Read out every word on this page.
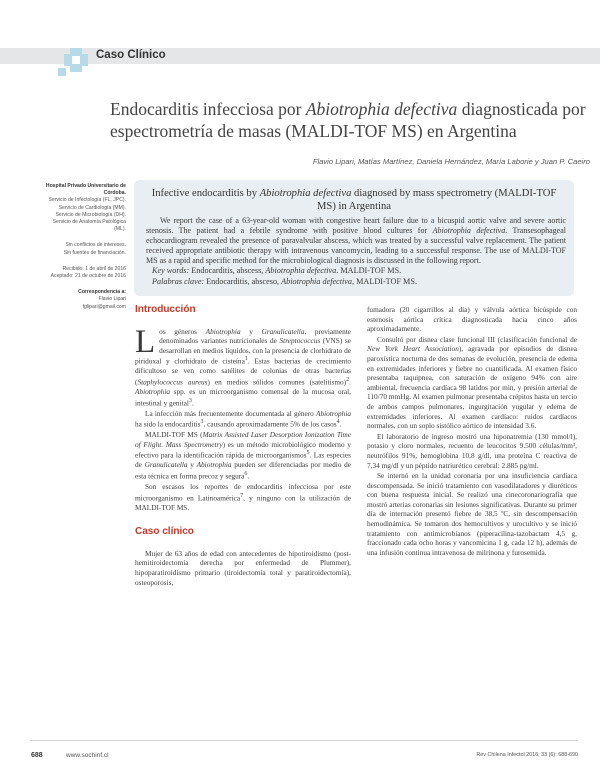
Caso Clínico
Endocarditis infecciosa por Abiotrophia defectiva diagnosticada por espectrometría de masas (MALDI-TOF MS) en Argentina
Flavio Lipari, Matías Martínez, Daniela Hernández, María Laborie y Juan P. Caeiro

Hospital Privado Universitario de Córdoba.

Servicio de Infectología (FL, JPC).

Servicio de Cardiología (MM).

Servicio de Microbiología (DH).

Servicio de Anatomía Patológica (ML).

Sin conflictos de intereses.

Sin fuentes de financiación.

Recibido: 1 de abril de 2016

Aceptado: 21 de octubre de 2016

Correspondencia a:

Flavio Lipari

fglipari@gmail.com

Infective endocarditis by Abiotrophia defectiva diagnosed by mass spectrometry (MALDI-TOF MS) in Argentina

We report the case of a 63-year-old woman with congestive heart failure due to a bicuspid aortic valve and severe aortic stenosis. The patient had a febrile syndrome with positive blood cultures for Abiotrophia defectiva. Transesophageal echocardiogram revealed the presence of paravalvular abscess, which was treated by a successful valve replacement. The patient received appropriate antibiotic therapy with intravenous vancomycin, leading to a successful response. The use of MALDI-TOF MS as a rapid and specific method for the microbiological diagnosis is discussed in the following report.

Key words: Endocarditis, abscess, Abiotrophia defectiva. MALDI-TOF MS.
Palabras clave: Endocarditis, absceso, Abiotrophia defectiva, MALDI-TOF MS.
Introducción

Los géneros Abiotrophia y Granulicatella, previamente denominados variantes nutricionales de Streptococcus (VNS) se desarrollan en medios líquidos, con la presencia de clorhidrato de piridoxal y clorhidrato de cisteína$^1$. Estas bacterias de crecimiento dificultoso se ven como satélites de colonias de otras bacterias (Staphylococcus aureus) en medios sólidos comunes (satelitismo)$^2$. Abiotrophia spp. es un microorganismo comensal de la mucosa oral, intestinal y genital$^3$.

La infección más frecuentemente documentada al género Abiotrophia ha sido la endocarditis$^3$, causando aproximadamente 5% de los casos$^4$.

MALDI-TOF MS (Matrix Assisted Laser Desorption Ionization Time of Flight. Mass Spectrometry) es un método microbiológico moderno y efectivo para la identificación rápida de microorganismos$^5$. Las especies de Granulicatella y Abiotrophia pueden ser diferenciadas por medio de esta técnica en forma precoz y segura$^6$.

Son escasos los reportes de endocarditis infecciosa por este microorganismo en Latinoamérica$^7$, y ninguno con la utilización de MALDI-TOF MS.

Caso clínico

Mujer de 63 años de edad con antecedentes de hipotiroidismo (post-hemitiroidectomía derecha por enfermedad de Plummer), hipoparatiroidismo primario (tiroidectomía total y paratiroidectomía), osteoporosis,

fumadora (20 cigarrillos al día) y válvula aórtica bicúspide con estenosis aórtica crítica diagnosticada hacia cinco años aproximadamente.

Consultó por disnea clase funcional III (clasificación funcional de New York Heart Association), agravada por episodios de disnea paroxística nocturna de dos semanas de evolución, presencia de edema en extremidades inferiores y fiebre no cuantificada. Al examen físico presentaba taquipnea, con saturación de oxígeno 94% con aire ambiental, frecuencia cardíaca 98 latidos por min, y presión arterial de 110/70 mmHg. Al examen pulmonar presentaba crépitos hasta un tercio de ambos campos pulmonares, ingurgitación yugular y edema de extremidades inferiores. Al examen cardíaco: ruidos cardíacos normales, con un soplo sistólico aórtico de intensidad 3.6.

El laboratorio de ingreso mostró una hiponatremia (130 mmol/l), potasio y cloro normales, recuento de leucocitos 9.500 células/mm³, neutrófilos 91%, hemoglobina 10,8 g/dl, una proteína C reactiva de 7,34 mg/dl y un péptido natriurético cerebral: 2.885 pg/ml.

Se internó en la unidad coronaria por una insuficiencia cardíaca descompensada. Se inició tratamiento con vasodilatadores y diuréticos con buena respuesta inicial. Se realizó una cinecoronariografía que mostró arterias coronarias sin lesiones significativas. Durante su primer día de internación presentó fiebre de 38,5 ºC, sin descompensación hemodinámica. Se tomaron dos hemocultivos y urocultivo y se inició tratamiento con antimicrobianos (piperacilina-tazobactam 4,5 g, fraccionado cada ocho horas y vancomicina 1 g, cada 12 h), además de una infusión continua intravenosa de milrinona y furosemida.

688	www.sochinf.cl	Rev Chilena Infectol 2016; 33 (6): 688-690
